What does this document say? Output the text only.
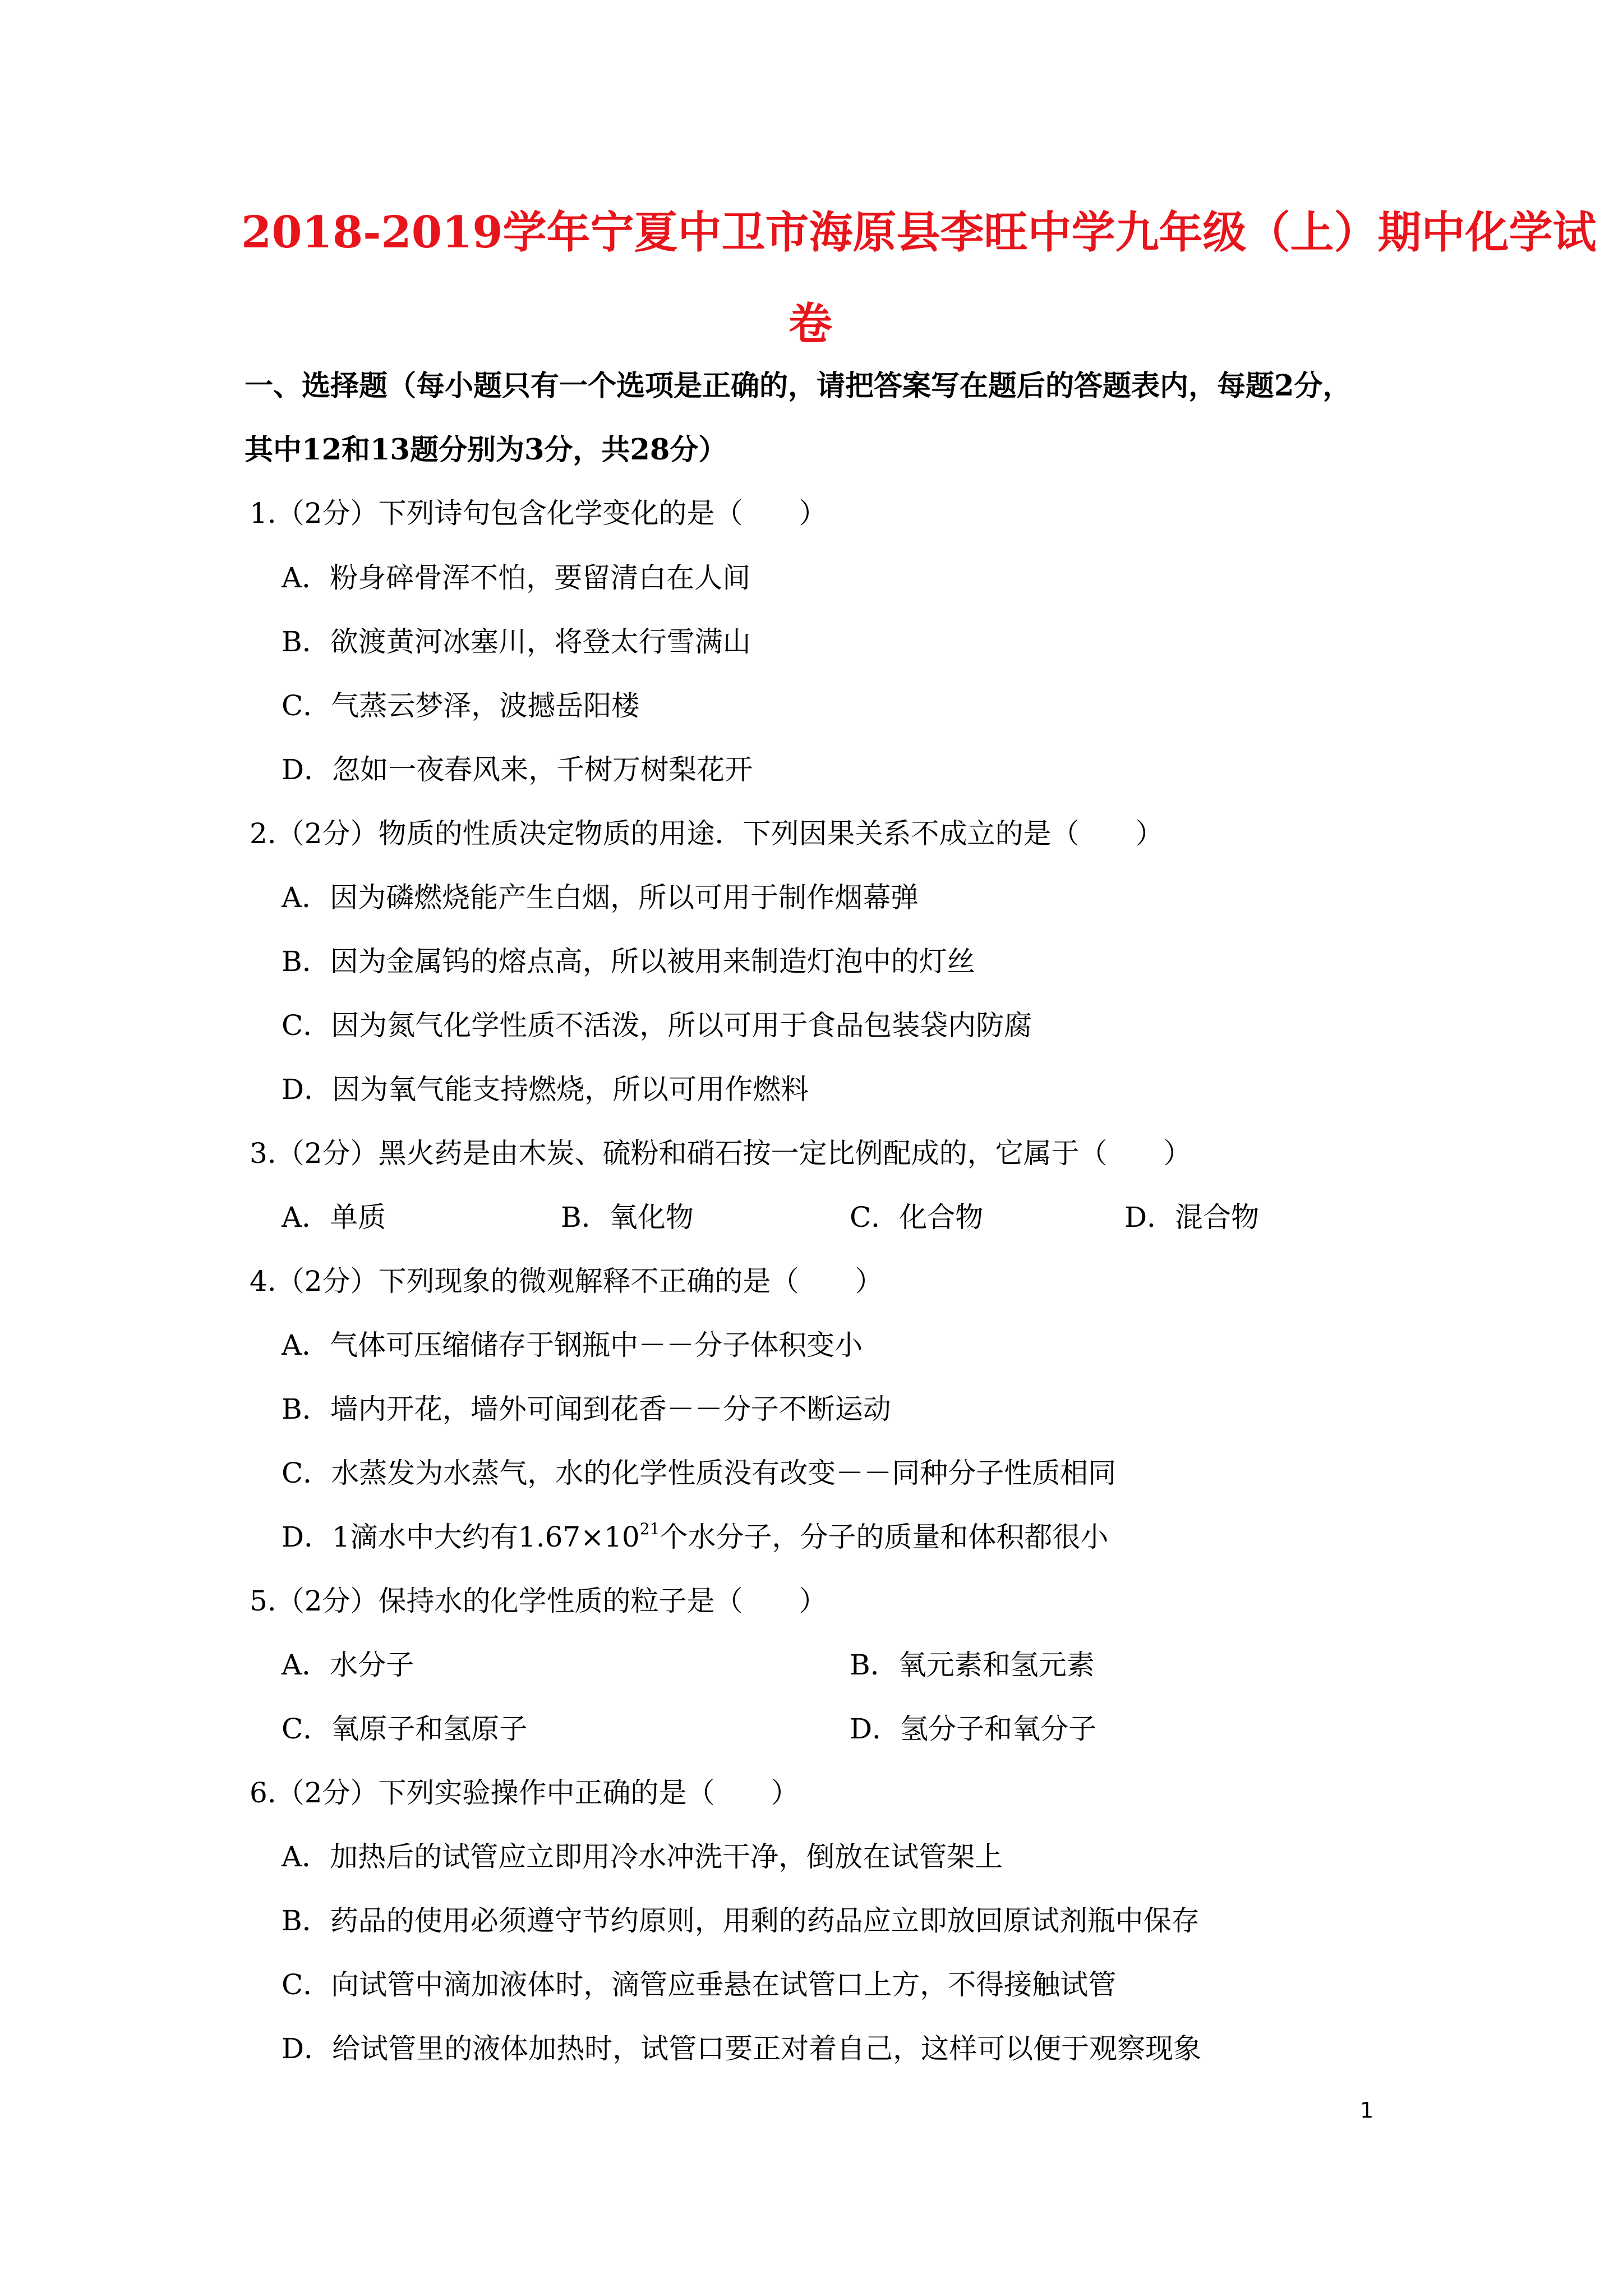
2018-2019学年宁夏中卫市海原县李旺中学九年级（上）期中化学试
卷
一、选择题（每小题只有一个选项是正确的，请把答案写在题后的答题表内，每题2分，
其中12和13题分别为3分，共28分）
1.（2分）下列诗句包含化学变化的是（　　）
A．粉身碎骨浑不怕，要留清白在人间
B．欲渡黄河冰塞川，将登太行雪满山
C．气蒸云梦泽，波撼岳阳楼
D．忽如一夜春风来，千树万树梨花开
2.（2分）物质的性质决定物质的用途．下列因果关系不成立的是（　　）
A．因为磷燃烧能产生白烟，所以可用于制作烟幕弹
B．因为金属钨的熔点高，所以被用来制造灯泡中的灯丝
C．因为氮气化学性质不活泼，所以可用于食品包装袋内防腐
D．因为氧气能支持燃烧，所以可用作燃料
3.（2分）黑火药是由木炭、硫粉和硝石按一定比例配成的，它属于（　　）
A．单质	B．氧化物	C．化合物	D．混合物
4.（2分）下列现象的微观解释不正确的是（　　）
A．气体可压缩储存于钢瓶中－－分子体积变小
B．墙内开花，墙外可闻到花香－－分子不断运动
C．水蒸发为水蒸气，水的化学性质没有改变－－同种分子性质相同
D．1滴水中大约有$1.67\times 10^{21}$个水分子，分子的质量和体积都很小
5.（2分）保持水的化学性质的粒子是（　　）
A．水分子	B．氧元素和氢元素
C．氧原子和氢原子	D．氢分子和氧分子
6.（2分）下列实验操作中正确的是（　　）
A．加热后的试管应立即用冷水冲洗干净，倒放在试管架上
B．药品的使用必须遵守节约原则，用剩的药品应立即放回原试剂瓶中保存
C．向试管中滴加液体时，滴管应垂悬在试管口上方，不得接触试管
D．给试管里的液体加热时，试管口要正对着自己，这样可以便于观察现象
1
